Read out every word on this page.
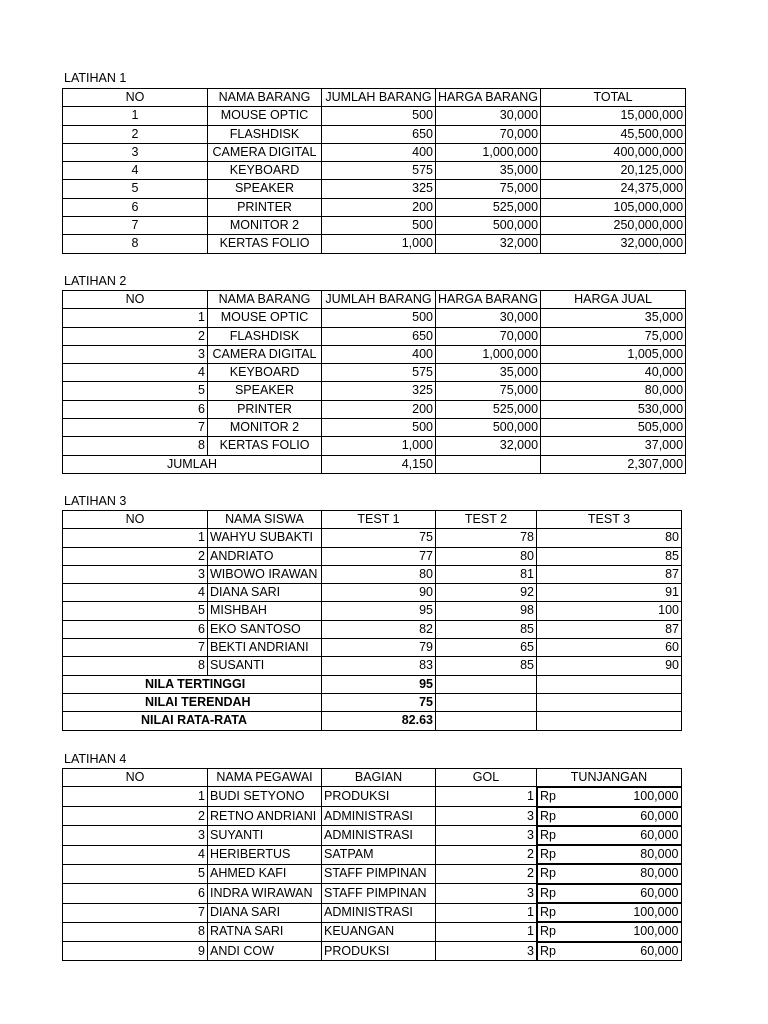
LATIHAN 1
NO	NAMA BARANG	JUMLAH BARANG	HARGA BARANG	TOTAL
1	MOUSE OPTIC	500	30,000	15,000,000
2	FLASHDISK	650	70,000	45,500,000
3	CAMERA DIGITAL	400	1,000,000	400,000,000
4	KEYBOARD	575	35,000	20,125,000
5	SPEAKER	325	75,000	24,375,000
6	PRINTER	200	525,000	105,000,000
7	MONITOR 2	500	500,000	250,000,000
8	KERTAS FOLIO	1,000	32,000	32,000,000
LATIHAN 2
NO	NAMA BARANG	JUMLAH BARANG	HARGA BARANG	HARGA JUAL
1	MOUSE OPTIC	500	30,000	35,000
2	FLASHDISK	650	70,000	75,000
3	CAMERA DIGITAL	400	1,000,000	1,005,000
4	KEYBOARD	575	35,000	40,000
5	SPEAKER	325	75,000	80,000
6	PRINTER	200	525,000	530,000
7	MONITOR 2	500	500,000	505,000
8	KERTAS FOLIO	1,000	32,000	37,000
JUMLAH		4,150		2,307,000
LATIHAN 3
NO	NAMA SISWA	TEST 1	TEST 2	TEST 3
1	WAHYU SUBAKTI	75	78	80
2	ANDRIATO	77	80	85
3	WIBOWO IRAWAN	80	81	87
4	DIANA SARI	90	92	91
5	MISHBAH	95	98	100
6	EKO SANTOSO	82	85	87
7	BEKTI ANDRIANI	79	65	60
8	SUSANTI	83	85	90
NILA TERTINGGI		95		
NILAI TERENDAH		75		
NILAI RATA-RATA		82.63		
LATIHAN 4
NO	NAMA PEGAWAI	BAGIAN	GOL	TUNJANGAN
1	BUDI SETYONO	PRODUKSI	1	Rp	100,000

2	RETNO ANDRIANI	ADMINISTRASI	3	Rp	60,000

3	SUYANTI	ADMINISTRASI	3	Rp	60,000

4	HERIBERTUS	SATPAM	2	Rp	80,000

5	AHMED KAFI	STAFF PIMPINAN	2	Rp	80,000

6	INDRA WIRAWAN	STAFF PIMPINAN	3	Rp	60,000

7	DIANA SARI	ADMINISTRASI	1	Rp	100,000

8	RATNA SARI	KEUANGAN	1	Rp	100,000

9	ANDI COW	PRODUKSI	3	Rp	60,000
